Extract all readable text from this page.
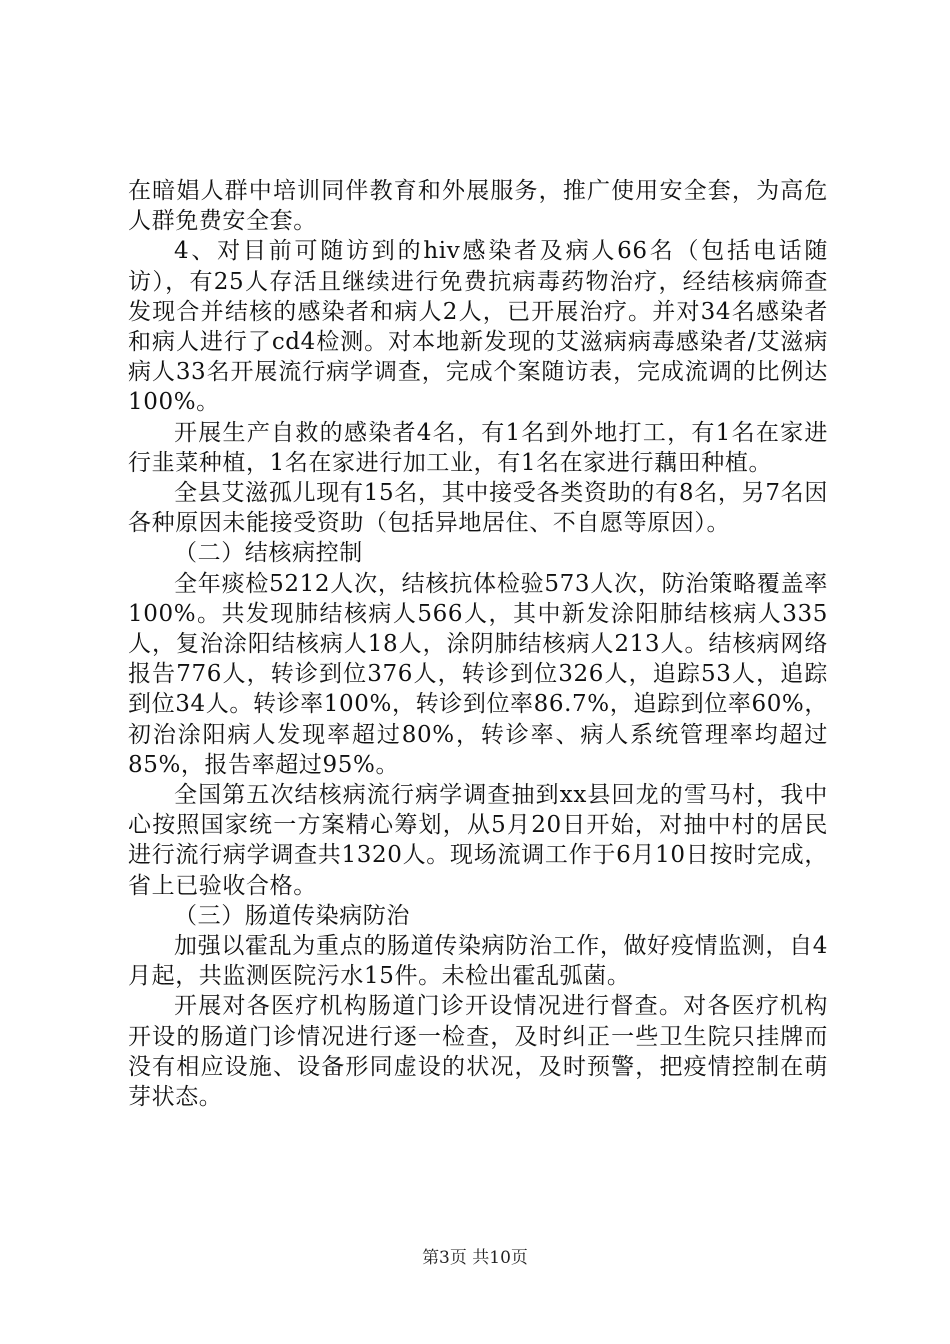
在暗娼人群中培训同伴教育和外展服务，推广使用安全套，为高危人群免费安全套。

4、对目前可随访到的hiv感染者及病人66名（包括电话随访），有25人存活且继续进行免费抗病毒药物治疗，经结核病筛查发现合并结核的感染者和病人2人，已开展治疗。并对34名感染者和病人进行了cd4检测。对本地新发现的艾滋病病毒感染者/艾滋病病人33名开展流行病学调查，完成个案随访表，完成流调的比例达100%。

开展生产自救的感染者4名，有1名到外地打工，有1名在家进行韭菜种植，1名在家进行加工业，有1名在家进行藕田种植。

全县艾滋孤儿现有15名，其中接受各类资助的有8名，另7名因各种原因未能接受资助（包括异地居住、不自愿等原因）。

（二）结核病控制

全年痰检5212人次，结核抗体检验573人次，防治策略覆盖率100%。共发现肺结核病人566人，其中新发涂阳肺结核病人335人，复治涂阳结核病人18人，涂阴肺结核病人213人。结核病网络报告776人，转诊到位376人，转诊到位326人，追踪53人，追踪到位34人。转诊率100%，转诊到位率86.7%，追踪到位率60%，初治涂阳病人发现率超过80%，转诊率、病人系统管理率均超过85%，报告率超过95%。

全国第五次结核病流行病学调查抽到xx县回龙的雪马村，我中心按照国家统一方案精心筹划，从5月20日开始，对抽中村的居民进行流行病学调查共1320人。现场流调工作于6月10日按时完成，省上已验收合格。

（三）肠道传染病防治

加强以霍乱为重点的肠道传染病防治工作，做好疫情监测，自4月起，共监测医院污水15件。未检出霍乱弧菌。

开展对各医疗机构肠道门诊开设情况进行督查。对各医疗机构开设的肠道门诊情况进行逐一检查，及时纠正一些卫生院只挂牌而没有相应设施、设备形同虚设的状况，及时预警，把疫情控制在萌芽状态。

第3页 共10页
